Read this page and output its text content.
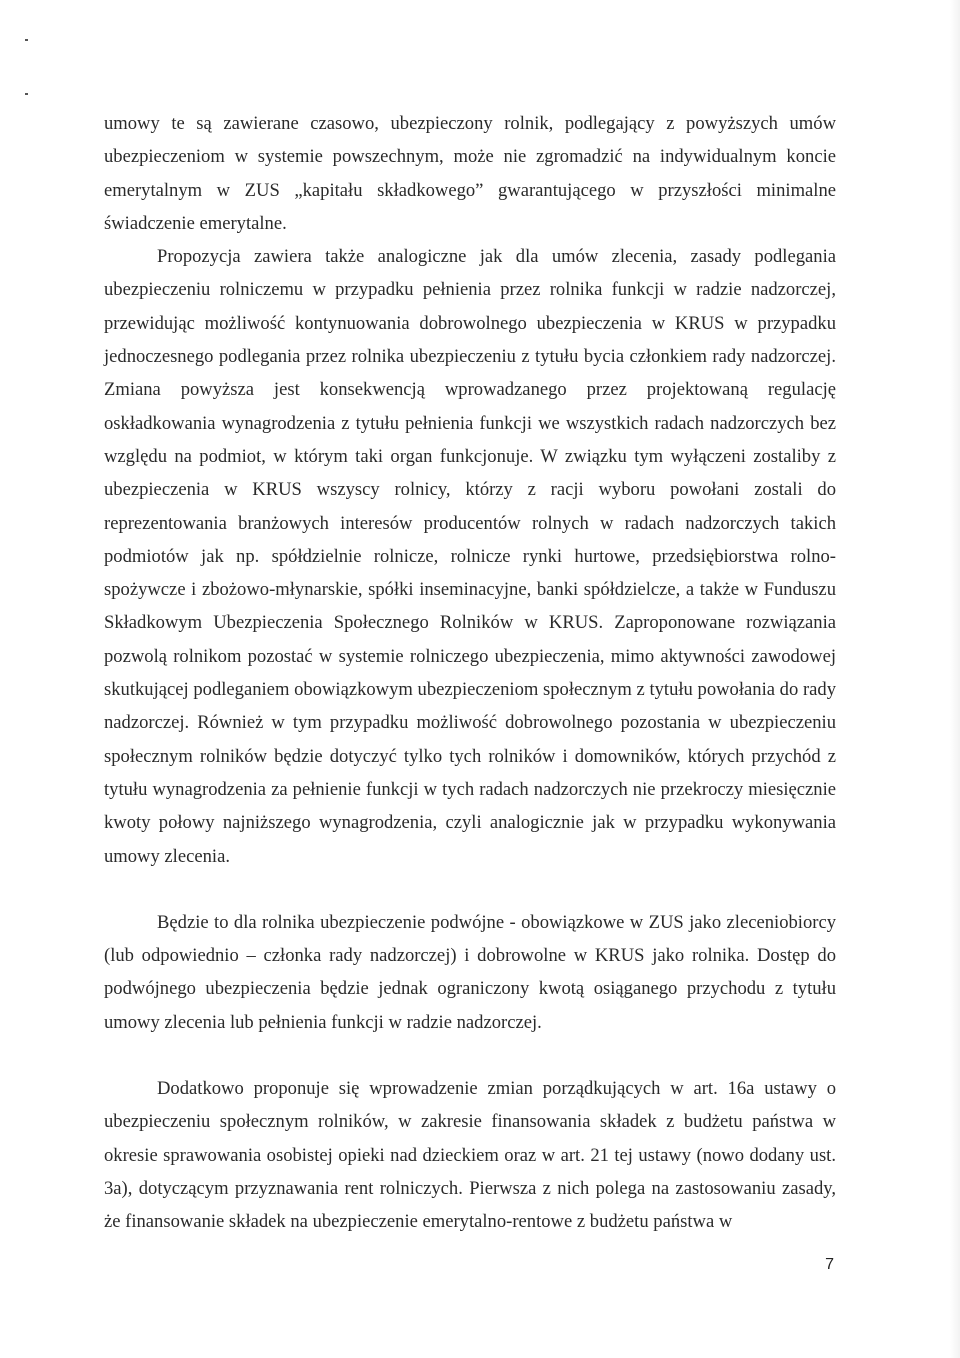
umowy te są zawierane czasowo, ubezpieczony rolnik, podlegający z powyższych umów ubezpieczeniom w systemie powszechnym, może nie zgromadzić na indywidualnym koncie emerytalnym w ZUS „kapitału składkowego” gwarantującego w przyszłości minimalne świadczenie emerytalne.

Propozycja zawiera także analogiczne jak dla umów zlecenia, zasady podlegania ubezpieczeniu rolniczemu w przypadku pełnienia przez rolnika funkcji w radzie nadzorczej, przewidując możliwość kontynuowania dobrowolnego ubezpieczenia w KRUS w przypadku jednoczesnego podlegania przez rolnika ubezpieczeniu z tytułu bycia członkiem rady nadzorczej. Zmiana powyższa jest konsekwencją wprowadzanego przez projektowaną regulację oskładkowania wynagrodzenia z tytułu pełnienia funkcji we wszystkich radach nadzorczych bez względu na podmiot, w którym taki organ funkcjonuje. W związku tym wyłączeni zostaliby z ubezpieczenia w KRUS wszyscy rolnicy, którzy z racji wyboru powołani zostali do reprezentowania branżowych interesów producentów rolnych w radach nadzorczych takich podmiotów jak np. spółdzielnie rolnicze, rolnicze rynki hurtowe, przedsiębiorstwa rolno-spożywcze i zbożowo-młynarskie, spółki inseminacyjne, banki spółdzielcze, a także w Funduszu Składkowym Ubezpieczenia Społecznego Rolników w KRUS. Zaproponowane rozwiązania pozwolą rolnikom pozostać w systemie rolniczego ubezpieczenia, mimo aktywności zawodowej skutkującej podleganiem obowiązkowym ubezpieczeniom społecznym z tytułu powołania do rady nadzorczej. Również w tym przypadku możliwość dobrowolnego pozostania w ubezpieczeniu społecznym rolników będzie dotyczyć tylko tych rolników i domowników, których przychód z tytułu wynagrodzenia za pełnienie funkcji w tych radach nadzorczych nie przekroczy miesięcznie kwoty połowy najniższego wynagrodzenia, czyli analogicznie jak w przypadku wykonywania umowy zlecenia.

Będzie to dla rolnika ubezpieczenie podwójne - obowiązkowe w ZUS jako zleceniobiorcy (lub odpowiednio – członka rady nadzorczej) i dobrowolne w KRUS jako rolnika. Dostęp do podwójnego ubezpieczenia będzie jednak ograniczony kwotą osiąganego przychodu z tytułu umowy zlecenia lub pełnienia funkcji w radzie nadzorczej.

Dodatkowo proponuje się wprowadzenie zmian porządkujących w art. 16a ustawy o ubezpieczeniu społecznym rolników, w zakresie finansowania składek z budżetu państwa w okresie sprawowania osobistej opieki nad dzieckiem oraz w art. 21 tej ustawy (nowo dodany ust. 3a), dotyczącym przyznawania rent rolniczych. Pierwsza z nich polega na zastosowaniu zasady, że finansowanie składek na ubezpieczenie emerytalno-rentowe z budżetu państwa w

7
